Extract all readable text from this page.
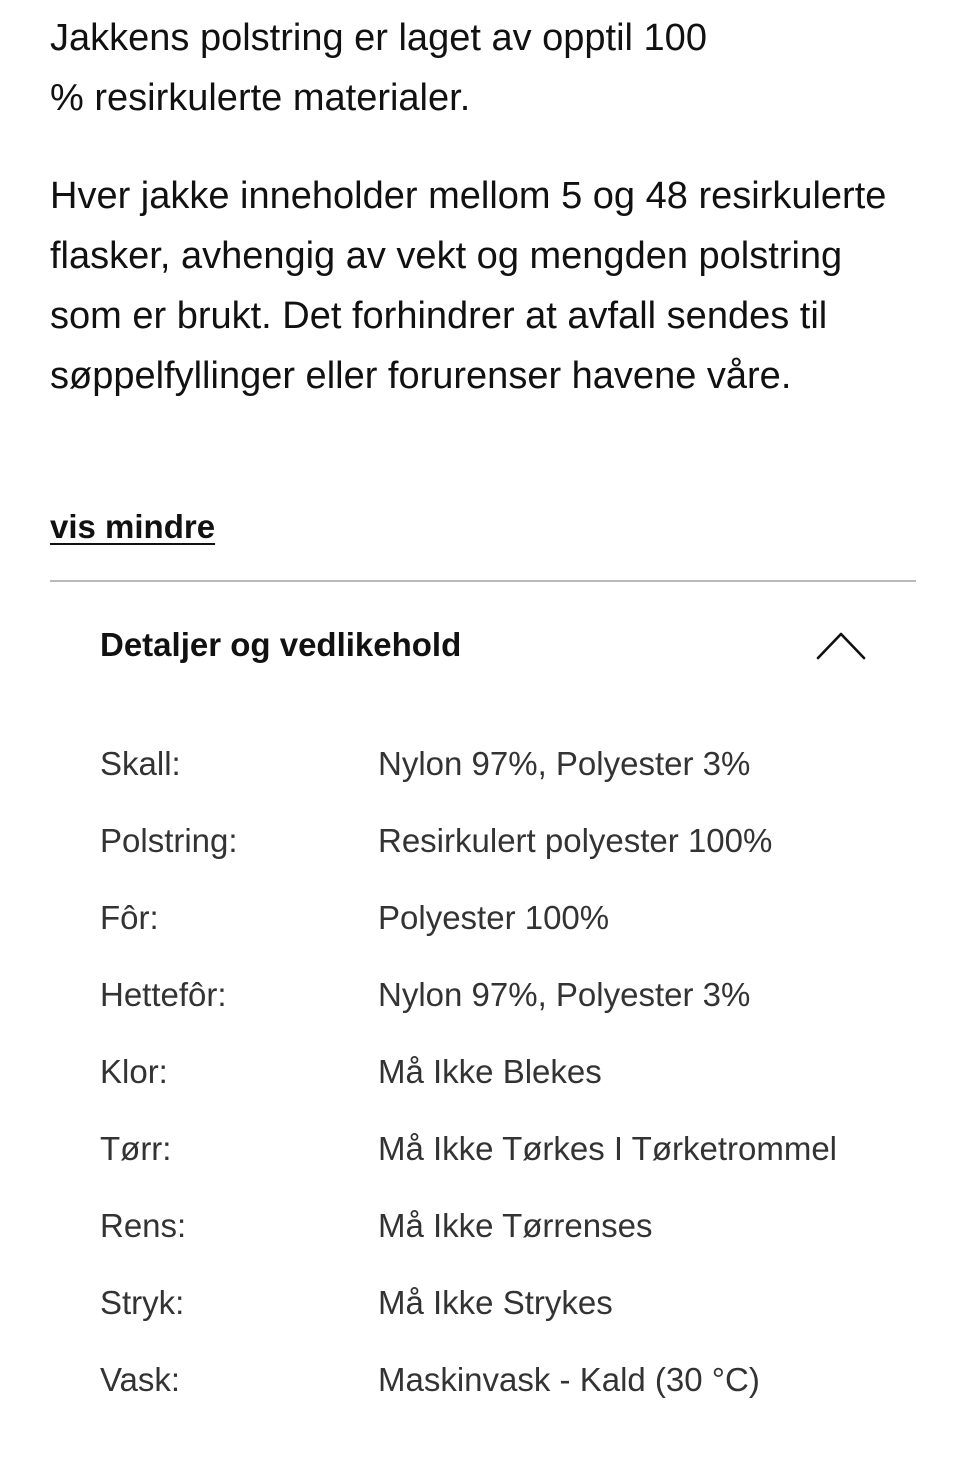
Jakkens polstring er laget av opptil 100 % resirkulerte materialer.

Hver jakke inneholder mellom 5 og 48 resirkulerte flasker, avhengig av vekt og mengden polstring som er brukt. Det forhindrer at avfall sendes til søppelfyllinger eller forurenser havene våre.

vis mindre
Detaljer og vedlikehold
Skall:	Nylon 97%, Polyester 3%
Polstring:	Resirkulert polyester 100%
Fôr:	Polyester 100%
Hettefôr:	Nylon 97%, Polyester 3%
Klor:	Må Ikke Blekes
Tørr:	Må Ikke Tørkes I Tørketrommel
Rens:	Må Ikke Tørrenses
Stryk:	Må Ikke Strykes
Vask:	Maskinvask - Kald (30 °C)
